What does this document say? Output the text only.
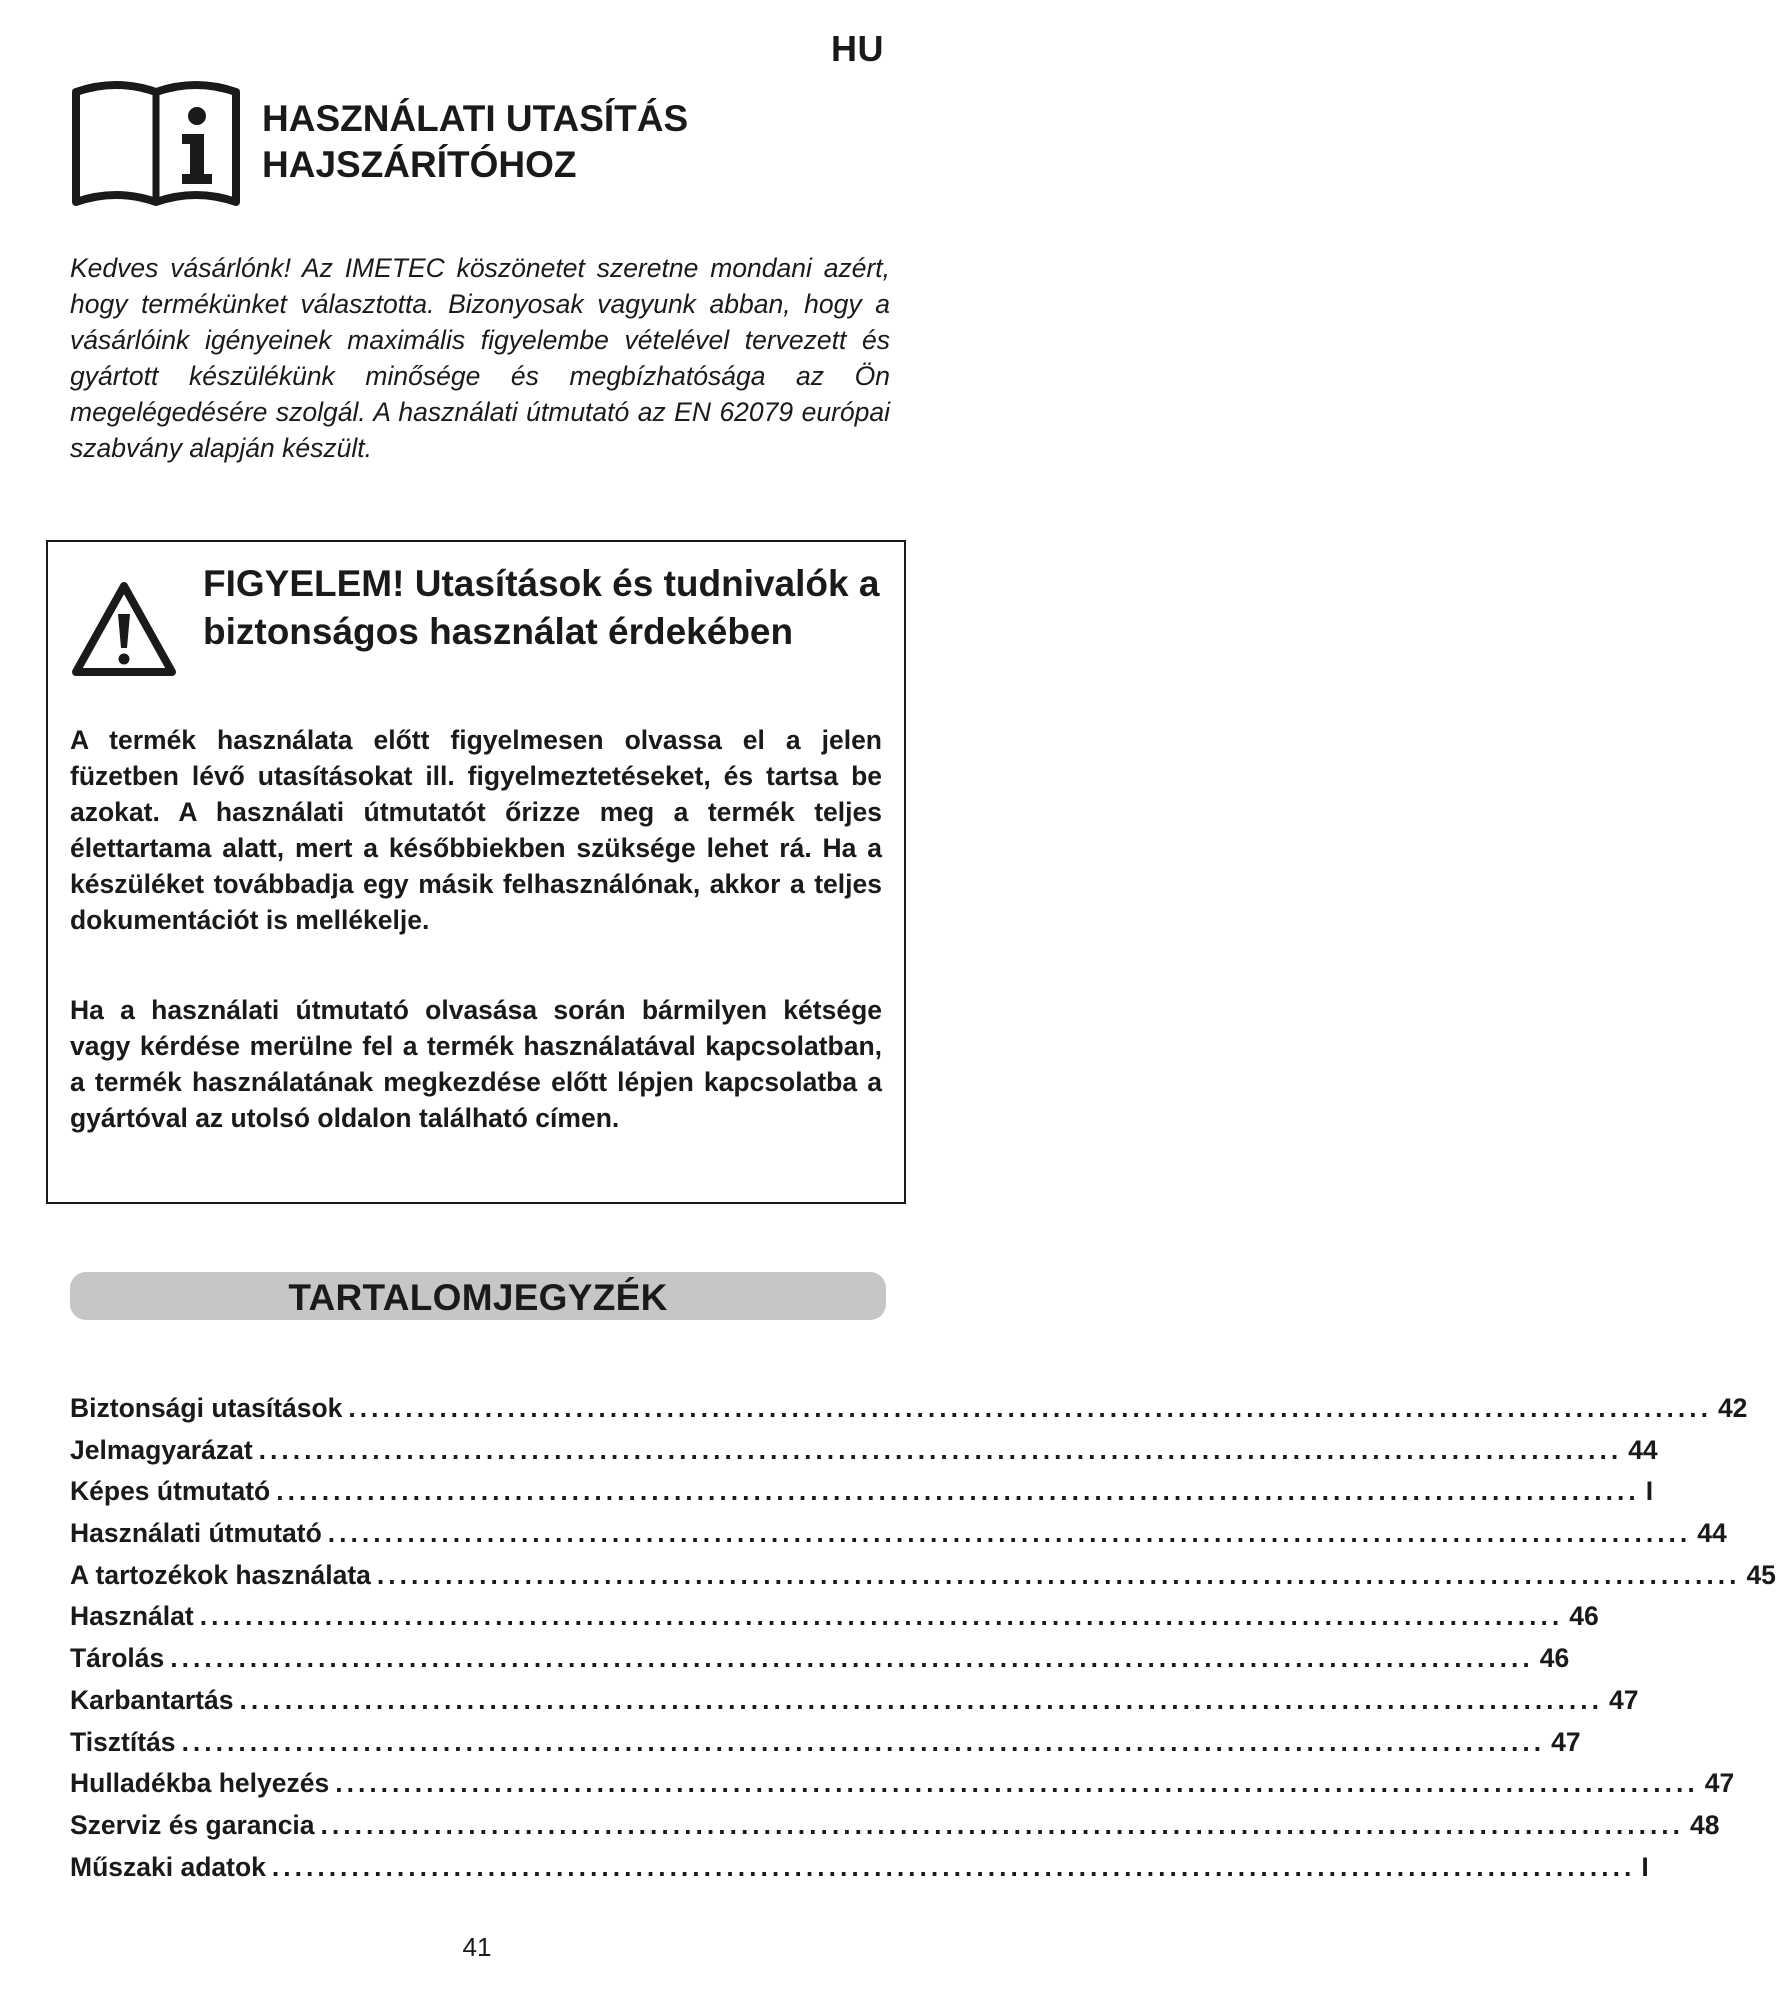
HU
HASZNÁLATI UTASÍTÁS
HAJSZÁRÍTÓHOZ

Kedves vásárlónk! Az IMETEC köszönetet szeretne mondani azért, hogy termékünket választotta. Bizonyosak vagyunk abban, hogy a vásárlóink igényeinek maximális figyelembe vételével tervezett és gyártott készülékünk minősége és megbízhatósága az Ön megelégedésére szolgál. A használati útmutató az EN 62079 európai szabvány alapján készült.

FIGYELEM! Utasítások és tudnivalók a biztonságos használat érdekében

A termék használata előtt figyelmesen olvassa el a jelen füzetben lévő utasításokat ill. figyelmeztetéseket, és tartsa be azokat. A használati útmutatót őrizze meg a termék teljes élettartama alatt, mert a későbbiekben szüksége lehet rá. Ha a készüléket továbbadja egy másik felhasználónak, akkor a teljes dokumentációt is mellékelje.

Ha a használati útmutató olvasása során bármilyen kétsége vagy kérdése merülne fel a termék használatával kapcsolatban, a termék használatának megkezdése előtt lépjen kapcsolatba a gyártóval az utolsó oldalon található címen.

TARTALOMJEGYZÉK
Biztonsági utasítások ........................................................................................................................ 42
Jelmagyarázat ........................................................................................................................ 44
Képes útmutató ........................................................................................................................ I
Használati útmutató ........................................................................................................................ 44
A tartozékok használata ........................................................................................................................ 45
Használat ........................................................................................................................ 46
Tárolás ........................................................................................................................ 46
Karbantartás ........................................................................................................................ 47
Tisztítás ........................................................................................................................ 47
Hulladékba helyezés ........................................................................................................................ 47
Szerviz és garancia ........................................................................................................................ 48
Műszaki adatok ........................................................................................................................ I
41
